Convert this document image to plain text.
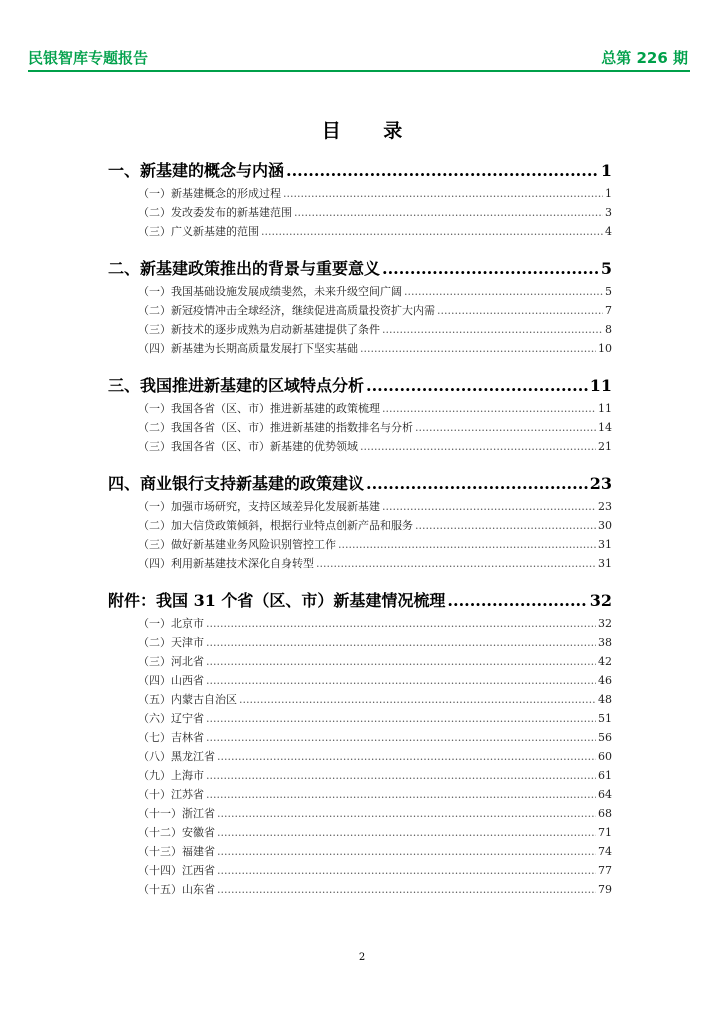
民银智库专题报告	总第 226 期
目 录
一、新基建的概念与内涵 .....	1
（一）新基建概念的形成过程 .....	1
（二）发改委发布的新基建范围 .....	3
（三）广义新基建的范围 .....	4
二、新基建政策推出的背景与重要意义 .....	5
（一）我国基础设施发展成绩斐然，未来升级空间广阔 .....	5
（二）新冠疫情冲击全球经济，继续促进高质量投资扩大内需 .....	7
（三）新技术的逐步成熟为启动新基建提供了条件 .....	8
（四）新基建为长期高质量发展打下坚实基础 .....	10
三、我国推进新基建的区域特点分析 .....	11
（一）我国各省（区、市）推进新基建的政策梳理 .....	11
（二）我国各省（区、市）推进新基建的指数排名与分析 .....	14
（三）我国各省（区、市）新基建的优势领域 .....	21
四、商业银行支持新基建的政策建议 .....	23
（一）加强市场研究，支持区域差异化发展新基建 .....	23
（二）加大信贷政策倾斜，根据行业特点创新产品和服务 .....	30
（三）做好新基建业务风险识别管控工作 .....	31
（四）利用新基建技术深化自身转型 .....	31
附件：我国 31 个省（区、市）新基建情况梳理 .....	32
（一）北京市 .....	32
（二）天津市 .....	38
（三）河北省 .....	42
（四）山西省 .....	46
（五）内蒙古自治区 .....	48
（六）辽宁省 .....	51
（七）吉林省 .....	56
（八）黑龙江省 .....	60
（九）上海市 .....	61
（十）江苏省 .....	64
（十一）浙江省 .....	68
（十二）安徽省 .....	71
（十三）福建省 .....	74
（十四）江西省 .....	77
（十五）山东省 .....	79
2
